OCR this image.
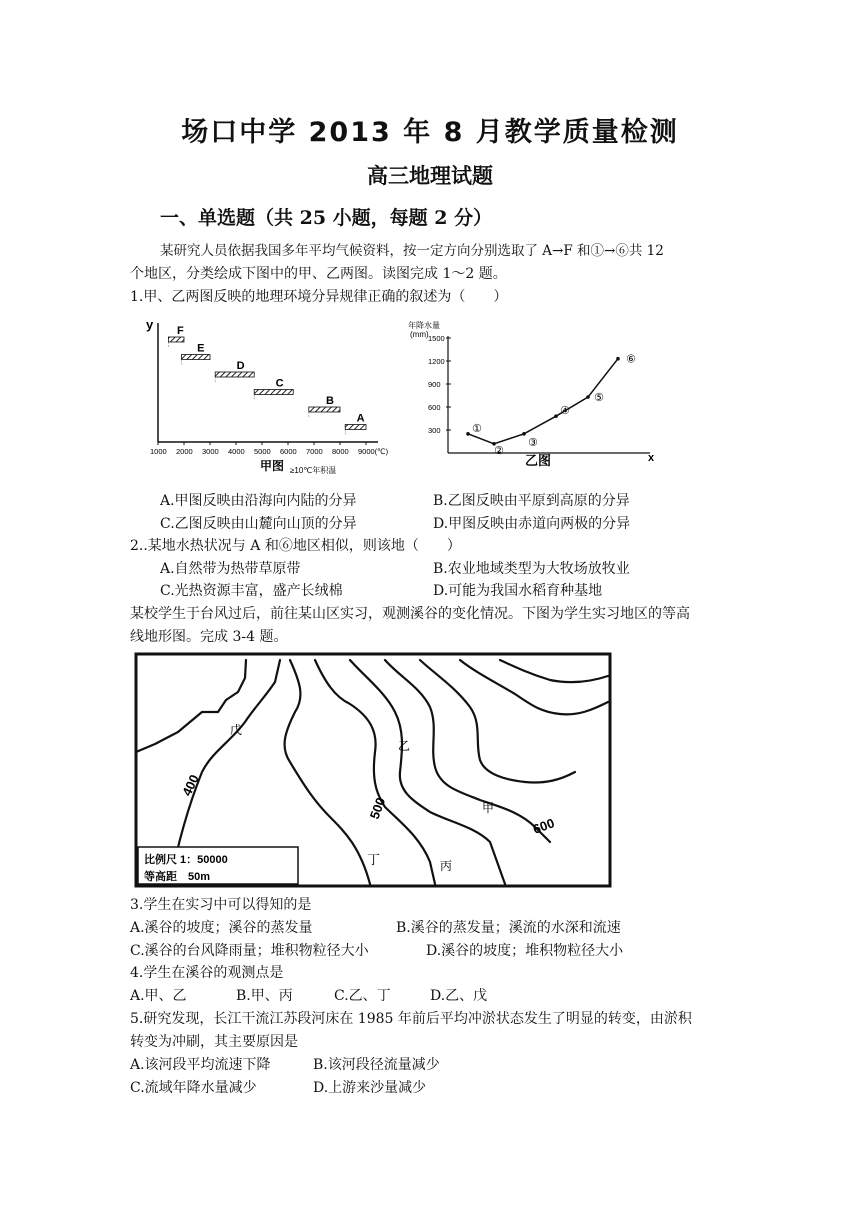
场口中学 2013 年 8 月教学质量检测
高三地理试题
一、单选题（共 25 小题，每题 2 分）
某研究人员依据我国多年平均气候资料，按一定方向分别选取了 A→F 和①→⑥共 12
个地区，分类绘成下图中的甲、乙两图。读图完成 1～2 题。
1.甲、乙两图反映的地理环境分异规律正确的叙述为（　　）
y
1000 2000 3000 4000 5000 6000 7000 8000 9000(℃)
F
E
D
C
B
A
≥10℃年积温
甲图
年降水量
(mm)
x
1500
1200
900
600
300	①
②
③
④
⑤
⑥
乙图
A.甲图反映由沿海向内陆的分异	B.乙图反映由平原到高原的分异
C.乙图反映由山麓向山顶的分异	D.甲图反映由赤道向两极的分异
2..某地水热状况与 A 和⑥地区相似，则该地（　　）
A.自然带为热带草原带	B.农业地域类型为大牧场放牧业
C.光热资源丰富，盛产长绒棉	D.可能为我国水稻育种基地
某校学生于台风过后，前往某山区实习，观测溪谷的变化情况。下图为学生实习地区的等高
线地形图。完成 3-4 题。
400
500
600
戊
乙
甲
丁	丙
比例尺 1：50000
等高距　50m
3.学生在实习中可以得知的是
A.溪谷的坡度；溪谷的蒸发量	B.溪谷的蒸发量；溪流的水深和流速
C.溪谷的台风降雨量；堆积物粒径大小	D.溪谷的坡度；堆积物粒径大小
4.学生在溪谷的观测点是
A.甲、乙	B.甲、丙	C.乙、丁	D.乙、戊
5.研究发现，长江干流江苏段河床在 1985 年前后平均冲淤状态发生了明显的转变，由淤积
转变为冲刷，其主要原因是
A.该河段平均流速下降	B.该河段径流量减少
C.流域年降水量减少	D.上游来沙量减少
